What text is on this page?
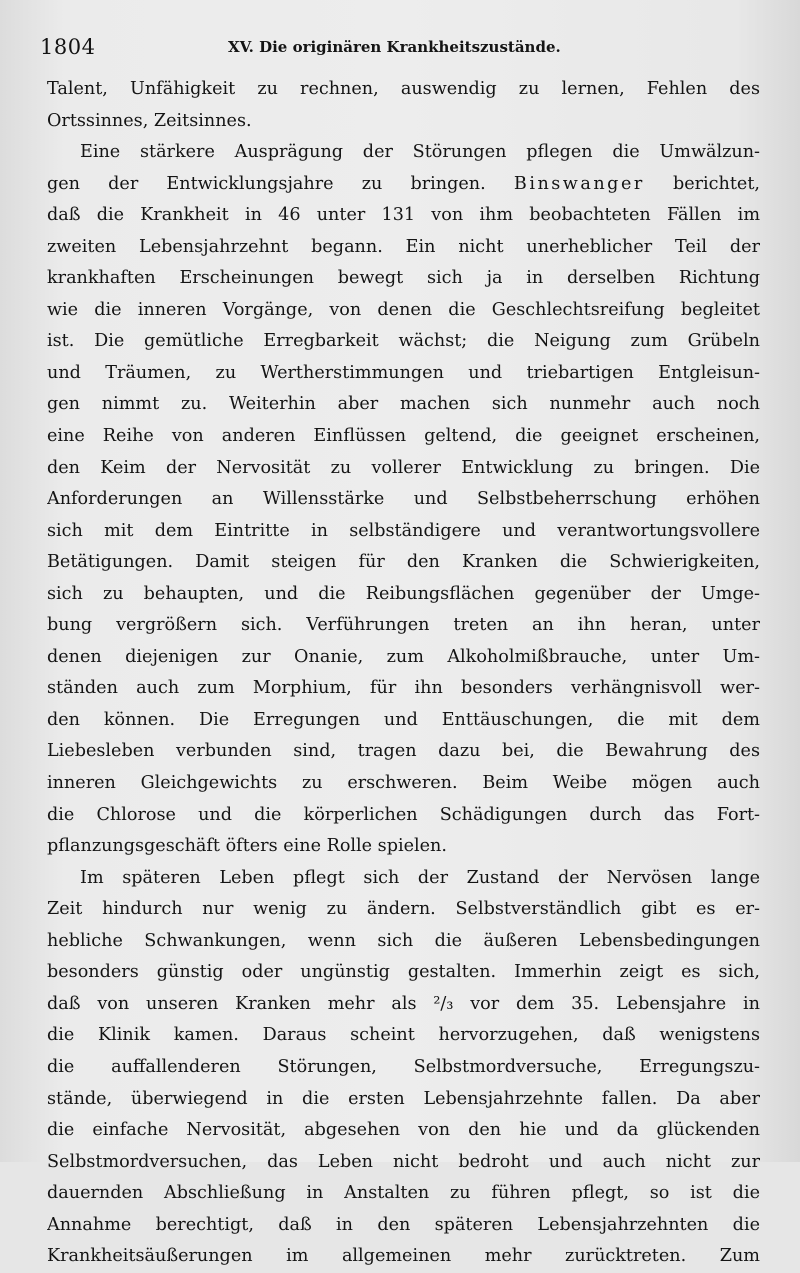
1804	XV. Die originären Krankheitszustände.
Talent, Unfähigkeit zu rechnen, auswendig zu lernen, Fehlen des
Ortssinnes, Zeitsinnes.
Eine stärkere Ausprägung der Störungen pflegen die Umwälzun-
gen der Entwicklungsjahre zu bringen. Binswanger berichtet,
daß die Krankheit in 46 unter 131 von ihm beobachteten Fällen im
zweiten Lebensjahrzehnt begann. Ein nicht unerheblicher Teil der
krankhaften Erscheinungen bewegt sich ja in derselben Richtung
wie die inneren Vorgänge, von denen die Geschlechtsreifung begleitet
ist. Die gemütliche Erregbarkeit wächst; die Neigung zum Grübeln
und Träumen, zu Wertherstimmungen und triebartigen Entgleisun-
gen nimmt zu. Weiterhin aber machen sich nunmehr auch noch
eine Reihe von anderen Einflüssen geltend, die geeignet erscheinen,
den Keim der Nervosität zu vollerer Entwicklung zu bringen. Die
Anforderungen an Willensstärke und Selbstbeherrschung erhöhen
sich mit dem Eintritte in selbständigere und verantwortungsvollere
Betätigungen. Damit steigen für den Kranken die Schwierigkeiten,
sich zu behaupten, und die Reibungsflächen gegenüber der Umge-
bung vergrößern sich. Verführungen treten an ihn heran, unter
denen diejenigen zur Onanie, zum Alkoholmißbrauche, unter Um-
ständen auch zum Morphium, für ihn besonders verhängnisvoll wer-
den können. Die Erregungen und Enttäuschungen, die mit dem
Liebesleben verbunden sind, tragen dazu bei, die Bewahrung des
inneren Gleichgewichts zu erschweren. Beim Weibe mögen auch
die Chlorose und die körperlichen Schädigungen durch das Fort-
pflanzungsgeschäft öfters eine Rolle spielen.
Im späteren Leben pflegt sich der Zustand der Nervösen lange
Zeit hindurch nur wenig zu ändern. Selbstverständlich gibt es er-
hebliche Schwankungen, wenn sich die äußeren Lebensbedingungen
besonders günstig oder ungünstig gestalten. Immerhin zeigt es sich,
daß von unseren Kranken mehr als ²/₃ vor dem 35. Lebensjahre in
die Klinik kamen. Daraus scheint hervorzugehen, daß wenigstens
die auffallenderen Störungen, Selbstmordversuche, Erregungszu-
stände, überwiegend in die ersten Lebensjahrzehnte fallen. Da aber
die einfache Nervosität, abgesehen von den hie und da glückenden
Selbstmordversuchen, das Leben nicht bedroht und auch nicht zur
dauernden Abschließung in Anstalten zu führen pflegt, so ist die
Annahme berechtigt, daß in den späteren Lebensjahrzehnten die
Krankheitsäußerungen im allgemeinen mehr zurücktreten. Zum
